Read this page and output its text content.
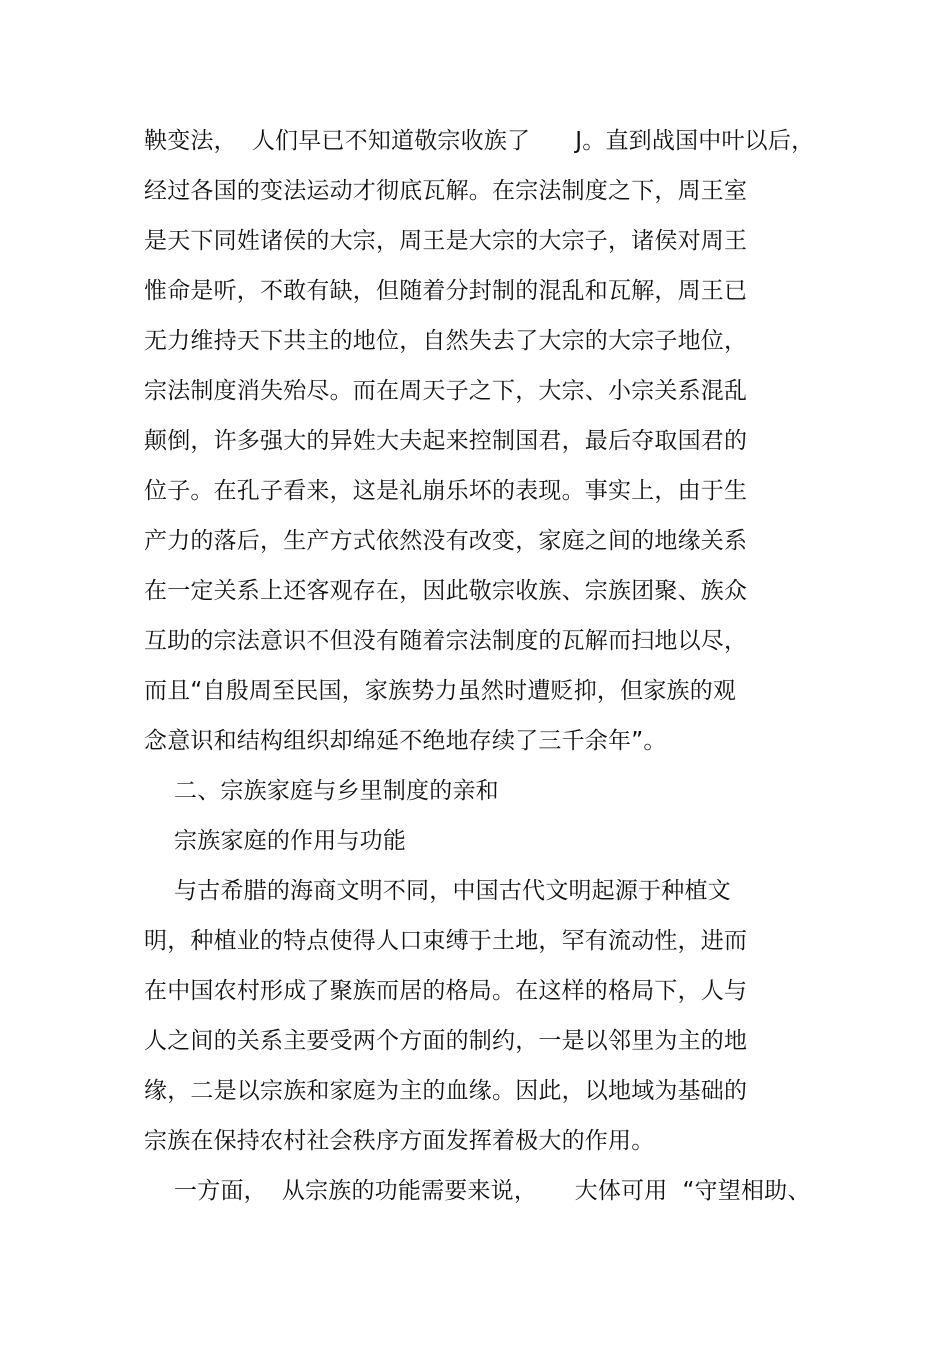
鞅变法，  人们早已不知道敬宗收族了      J。直到战国中叶以后，
经过各国的变法运动才彻底瓦解。在宗法制度之下，周王室
是天下同姓诸侯的大宗，周王是大宗的大宗子，诸侯对周王
惟命是听，不敢有缺，但随着分封制的混乱和瓦解，周王已
无力维持天下共主的地位，自然失去了大宗的大宗子地位，
宗法制度消失殆尽。而在周天子之下，大宗、小宗关系混乱
颠倒，许多强大的异姓大夫起来控制国君，最后夺取国君的
位子。在孔子看来，这是礼崩乐坏的表现。事实上，由于生
产力的落后，生产方式依然没有改变，家庭之间的地缘关系
在一定关系上还客观存在，因此敬宗收族、宗族团聚、族众
互助的宗法意识不但没有随着宗法制度的瓦解而扫地以尽，
而且“自殷周至民国，家族势力虽然时遭贬抑，但家族的观
念意识和结构组织却绵延不绝地存续了三千余年”。
二、宗族家庭与乡里制度的亲和
宗族家庭的作用与功能
与古希腊的海商文明不同，中国古代文明起源于种植文
明，种植业的特点使得人口束缚于土地，罕有流动性，进而
在中国农村形成了聚族而居的格局。在这样的格局下，人与
人之间的关系主要受两个方面的制约，一是以邻里为主的地
缘，二是以宗族和家庭为主的血缘。因此，以地域为基础的
宗族在保持农村社会秩序方面发挥着极大的作用。
一方面，  从宗族的功能需要来说，     大体可用  “守望相助、
